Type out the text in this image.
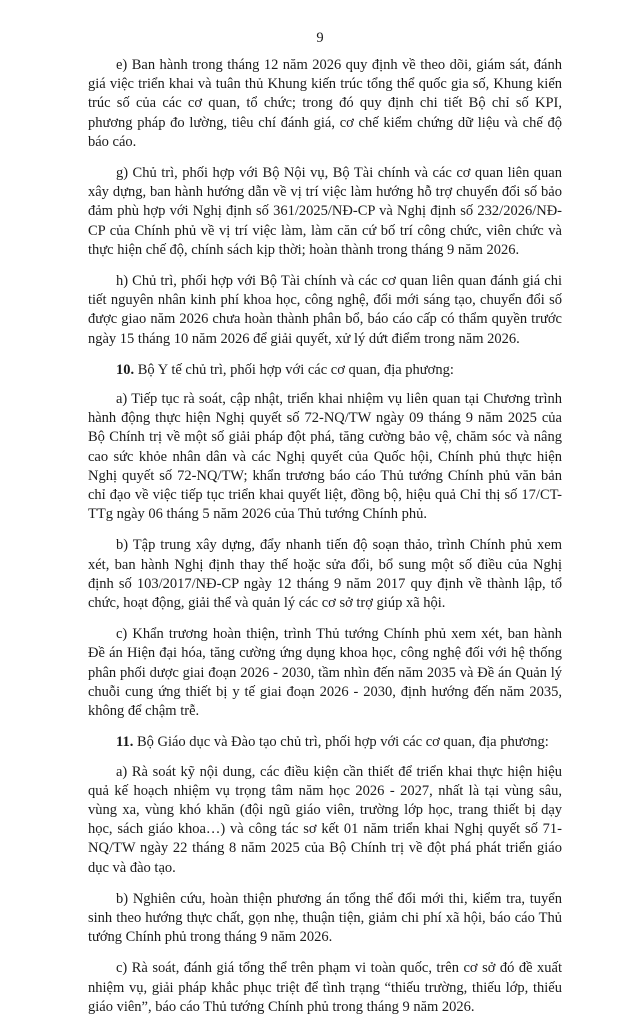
9

e) Ban hành trong tháng 12 năm 2026 quy định về theo dõi, giám sát, đánh giá việc triển khai và tuân thủ Khung kiến trúc tổng thể quốc gia số, Khung kiến trúc số của các cơ quan, tổ chức; trong đó quy định chi tiết Bộ chỉ số KPI, phương pháp đo lường, tiêu chí đánh giá, cơ chế kiểm chứng dữ liệu và chế độ báo cáo.

g) Chủ trì, phối hợp với Bộ Nội vụ, Bộ Tài chính và các cơ quan liên quan xây dựng, ban hành hướng dẫn về vị trí việc làm hướng hỗ trợ chuyển đổi số bảo đảm phù hợp với Nghị định số 361/2025/NĐ-CP và Nghị định số 232/2026/NĐ-CP của Chính phủ về vị trí việc làm, làm căn cứ bố trí công chức, viên chức và thực hiện chế độ, chính sách kịp thời; hoàn thành trong tháng 9 năm 2026.

h) Chủ trì, phối hợp với Bộ Tài chính và các cơ quan liên quan đánh giá chi tiết nguyên nhân kinh phí khoa học, công nghệ, đổi mới sáng tạo, chuyển đổi số được giao năm 2026 chưa hoàn thành phân bổ, báo cáo cấp có thẩm quyền trước ngày 15 tháng 10 năm 2026 để giải quyết, xử lý dứt điểm trong năm 2026.

10. Bộ Y tế chủ trì, phối hợp với các cơ quan, địa phương:

a) Tiếp tục rà soát, cập nhật, triển khai nhiệm vụ liên quan tại Chương trình hành động thực hiện Nghị quyết số 72-NQ/TW ngày 09 tháng 9 năm 2025 của Bộ Chính trị về một số giải pháp đột phá, tăng cường bảo vệ, chăm sóc và nâng cao sức khỏe nhân dân và các Nghị quyết của Quốc hội, Chính phủ thực hiện Nghị quyết số 72-NQ/TW; khẩn trương báo cáo Thủ tướng Chính phủ văn bản chỉ đạo về việc tiếp tục triển khai quyết liệt, đồng bộ, hiệu quả Chỉ thị số 17/CT-TTg ngày 06 tháng 5 năm 2026 của Thủ tướng Chính phủ.

b) Tập trung xây dựng, đẩy nhanh tiến độ soạn thảo, trình Chính phủ xem xét, ban hành Nghị định thay thế hoặc sửa đổi, bổ sung một số điều của Nghị định số 103/2017/NĐ-CP ngày 12 tháng 9 năm 2017 quy định về thành lập, tổ chức, hoạt động, giải thể và quản lý các cơ sở trợ giúp xã hội.

c) Khẩn trương hoàn thiện, trình Thủ tướng Chính phủ xem xét, ban hành Đề án Hiện đại hóa, tăng cường ứng dụng khoa học, công nghệ đối với hệ thống phân phối dược giai đoạn 2026 - 2030, tầm nhìn đến năm 2035 và Đề án Quản lý chuỗi cung ứng thiết bị y tế giai đoạn 2026 - 2030, định hướng đến năm 2035, không để chậm trễ.

11. Bộ Giáo dục và Đào tạo chủ trì, phối hợp với các cơ quan, địa phương:

a) Rà soát kỹ nội dung, các điều kiện cần thiết để triển khai thực hiện hiệu quả kế hoạch nhiệm vụ trọng tâm năm học 2026 - 2027, nhất là tại vùng sâu, vùng xa, vùng khó khăn (đội ngũ giáo viên, trường lớp học, trang thiết bị dạy học, sách giáo khoa…) và công tác sơ kết 01 năm triển khai Nghị quyết số 71-NQ/TW ngày 22 tháng 8 năm 2025 của Bộ Chính trị về đột phá phát triển giáo dục và đào tạo.

b) Nghiên cứu, hoàn thiện phương án tổng thể đổi mới thi, kiểm tra, tuyển sinh theo hướng thực chất, gọn nhẹ, thuận tiện, giảm chi phí xã hội, báo cáo Thủ tướng Chính phủ trong tháng 9 năm 2026.

c) Rà soát, đánh giá tổng thể trên phạm vi toàn quốc, trên cơ sở đó đề xuất nhiệm vụ, giải pháp khắc phục triệt để tình trạng “thiếu trường, thiếu lớp, thiếu giáo viên”, báo cáo Thủ tướng Chính phủ trong tháng 9 năm 2026.
